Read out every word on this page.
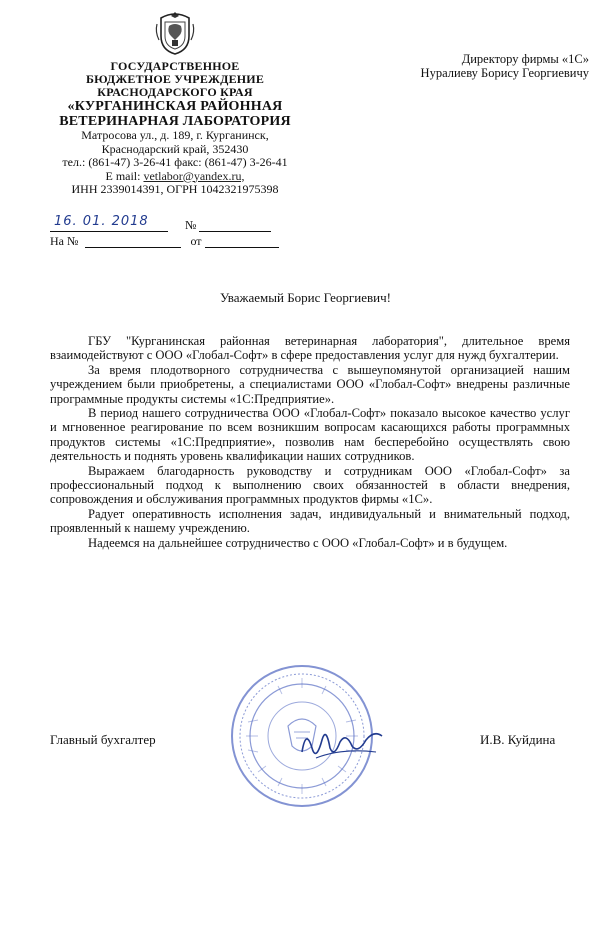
ГОСУДАРСТВЕННОЕ
БЮДЖЕТНОЕ УЧРЕЖДЕНИЕ
КРАСНОДАРСКОГО КРАЯ
«КУРГАНИНСКАЯ РАЙОННАЯ
ВЕТЕРИНАРНАЯ ЛАБОРАТОРИЯ
Матросова ул., д. 189, г. Курганинск,
Краснодарский край, 352430
тел.: (861-47) 3-26-41 факс: (861-47) 3-26-41
E mail: vetlabor@yandex.ru,
ИНН 2339014391, ОГРН 1042321975398
16. 01. 2018	№
На №	от
Директору фирмы «1С»
Нуралиеву Борису Георгиевичу
Уважаемый Борис Георгиевич!

ГБУ "Курганинская районная ветеринарная лаборатория", длительное время взаимодействуют с ООО «Глобал-Софт» в сфере предоставления услуг для нужд бухгалтерии.

За время плодотворного сотрудничества с вышеупомянутой организацией нашим учреждением были приобретены, а специалистами ООО «Глобал-Софт» внедрены различные программные продукты системы «1С:Предприятие».

В период нашего сотрудничества ООО «Глобал-Софт» показало высокое качество услуг и мгновенное реагирование по всем возникшим вопросам касающихся работы программных продуктов системы «1С:Предприятие», позволив нам бесперебойно осуществлять свою деятельность и поднять уровень квалификации наших сотрудников.

Выражаем благодарность руководству и сотрудникам ООО «Глобал-Софт» за профессиональный подход к выполнению своих обязанностей в области внедрения, сопровождения и обслуживания программных продуктов фирмы «1С».

Радует оперативность исполнения задач, индивидуальный и внимательный подход, проявленный к нашему учреждению.

Надеемся на дальнейшее сотрудничество с ООО «Глобал-Софт» и в будущем.

Главный бухгалтер	И.В. Куйдина
